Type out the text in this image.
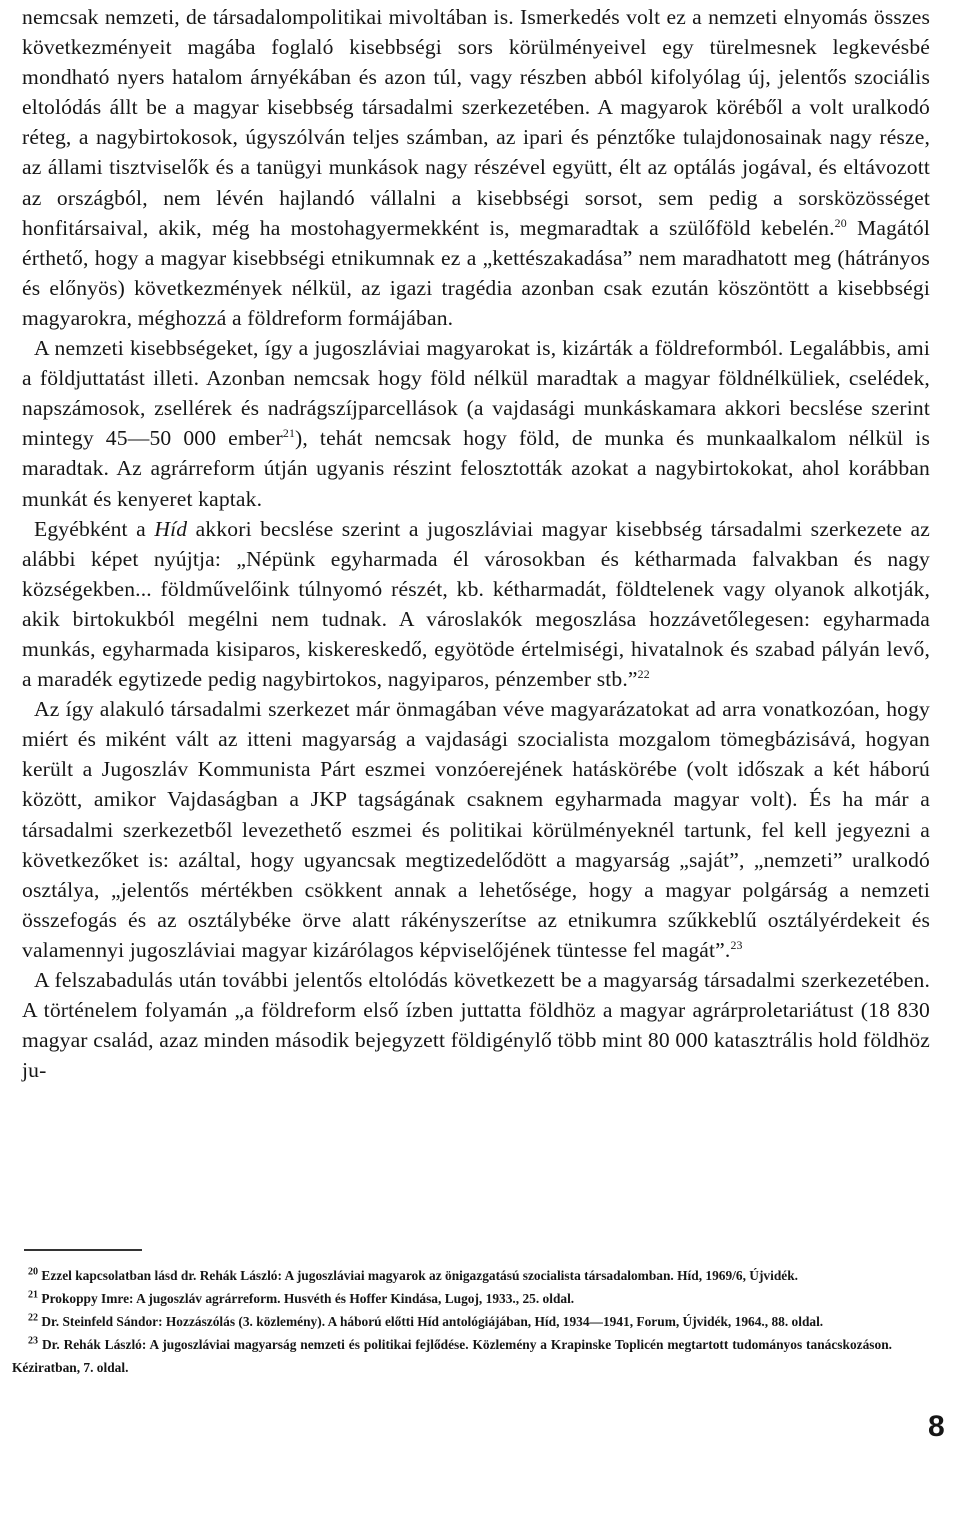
nemcsak nemzeti, de társadalompolitikai mivoltában is. Ismerkedés volt ez a nemzeti elnyomás összes következményeit magába foglaló kisebbségi sors körülményeivel egy türelmesnek legkevésbé mondható nyers hatalom árnyékában és azon túl, vagy részben abból kifolyólag új, jelentős szociális eltolódás állt be a magyar kisebbség társadalmi szerkezetében. A magyarok köréből a volt uralkodó réteg, a nagybirtokosok, úgyszólván teljes számban, az ipari és pénztőke tulajdonosainak nagy része, az állami tisztviselők és a tanügyi munkások nagy részével együtt, élt az optálás jogával, és eltávozott az országból, nem lévén hajlandó vállalni a kisebbségi sorsot, sem pedig a sorsközösséget honfitársaival, akik, még ha mostohagyermekként is, megmaradtak a szülőföld kebelén.$^{20}$ Magától érthető, hogy a magyar kisebbségi etnikumnak ez a „kettészakadása” nem maradhatott meg (hátrányos és előnyös) következmények nélkül, az igazi tragédia azonban csak ezután köszöntött a kisebbségi magyarokra, méghozzá a földreform formájában.

A nemzeti kisebbségeket, így a jugoszláviai magyarokat is, kizárták a földreformból. Legalábbis, ami a földjuttatást illeti. Azonban nemcsak hogy föld nélkül maradtak a magyar földnélküliek, cselédek, napszámosok, zsellérek és nadrágszíjparcellások (a vajdasági munkáskamara akkori becslése szerint mintegy 45—50 000 ember$^{21}$), tehát nemcsak hogy föld, de munka és munkaalkalom nélkül is maradtak. Az agrárreform útján ugyanis részint felosztották azokat a nagybirtokokat, ahol korábban munkát és kenyeret kaptak.

Egyébként a Híd akkori becslése szerint a jugoszláviai magyar kisebbség társadalmi szerkezete az alábbi képet nyújtja: „Népünk egyharmada él városokban és kétharmada falvakban és nagy községekben... földművelőink túlnyomó részét, kb. kétharmadát, földtelenek vagy olyanok alkotják, akik birtokukból megélni nem tudnak. A városlakók megoszlása hozzávetőlegesen: egyharmada munkás, egyharmada kisiparos, kiskereskedő, egyötöde értelmiségi, hivatalnok és szabad pályán levő, a maradék egytizede pedig nagybirtokos, nagyiparos, pénzember stb.”$^{22}$

Az így alakuló társadalmi szerkezet már önmagában véve magyarázatokat ad arra vonatkozóan, hogy miért és miként vált az itteni magyarság a vajdasági szocialista mozgalom tömegbázisává, hogyan került a Jugoszláv Kommunista Párt eszmei vonzóerejének hatáskörébe (volt időszak a két háború között, amikor Vajdaságban a JKP tagságának csaknem egyharmada magyar volt). És ha már a társadalmi szerkezetből levezethető eszmei és politikai körülményeknél tartunk, fel kell jegyezni a következőket is: azáltal, hogy ugyancsak megtizedelődött a magyarság „saját”, „nemzeti” uralkodó osztálya, „jelentős mértékben csökkent annak a lehetősége, hogy a magyar polgárság a nemzeti összefogás és az osztálybéke örve alatt rákényszerítse az etnikumra szűkkeblű osztályérdekeit és valamennyi jugoszláviai magyar kizárólagos képviselőjének tüntesse fel magát”.$^{23}$

A felszabadulás után további jelentős eltolódás következett be a magyarság társadalmi szerkezetében. A történelem folyamán „a földreform első ízben juttatta földhöz a magyar agrárproletariátust (18 830 magyar család, azaz minden második bejegyzett földigénylő több mint 80 000 katasztrális hold földhöz ju-

$^{20}$ Ezzel kapcsolatban lásd dr. Rehák László: A jugoszláviai magyarok az önigazgatású szocialista társadalomban. Híd, 1969/6, Újvidék.

$^{21}$ Prokoppy Imre: A jugoszláv agrárreform. Husvéth és Hoffer Kindása, Lugoj, 1933., 25. oldal.

$^{22}$ Dr. Steinfeld Sándor: Hozzászólás (3. közlemény). A háború előtti Híd antológiájában, Híd, 1934—1941, Forum, Újvidék, 1964., 88. oldal.

$^{23}$ Dr. Rehák László: A jugoszláviai magyarság nemzeti és politikai fejlődése. Közlemény a Krapinske Toplicén megtartott tudományos tanácskozáson. Kéziratban, 7. oldal.

8
